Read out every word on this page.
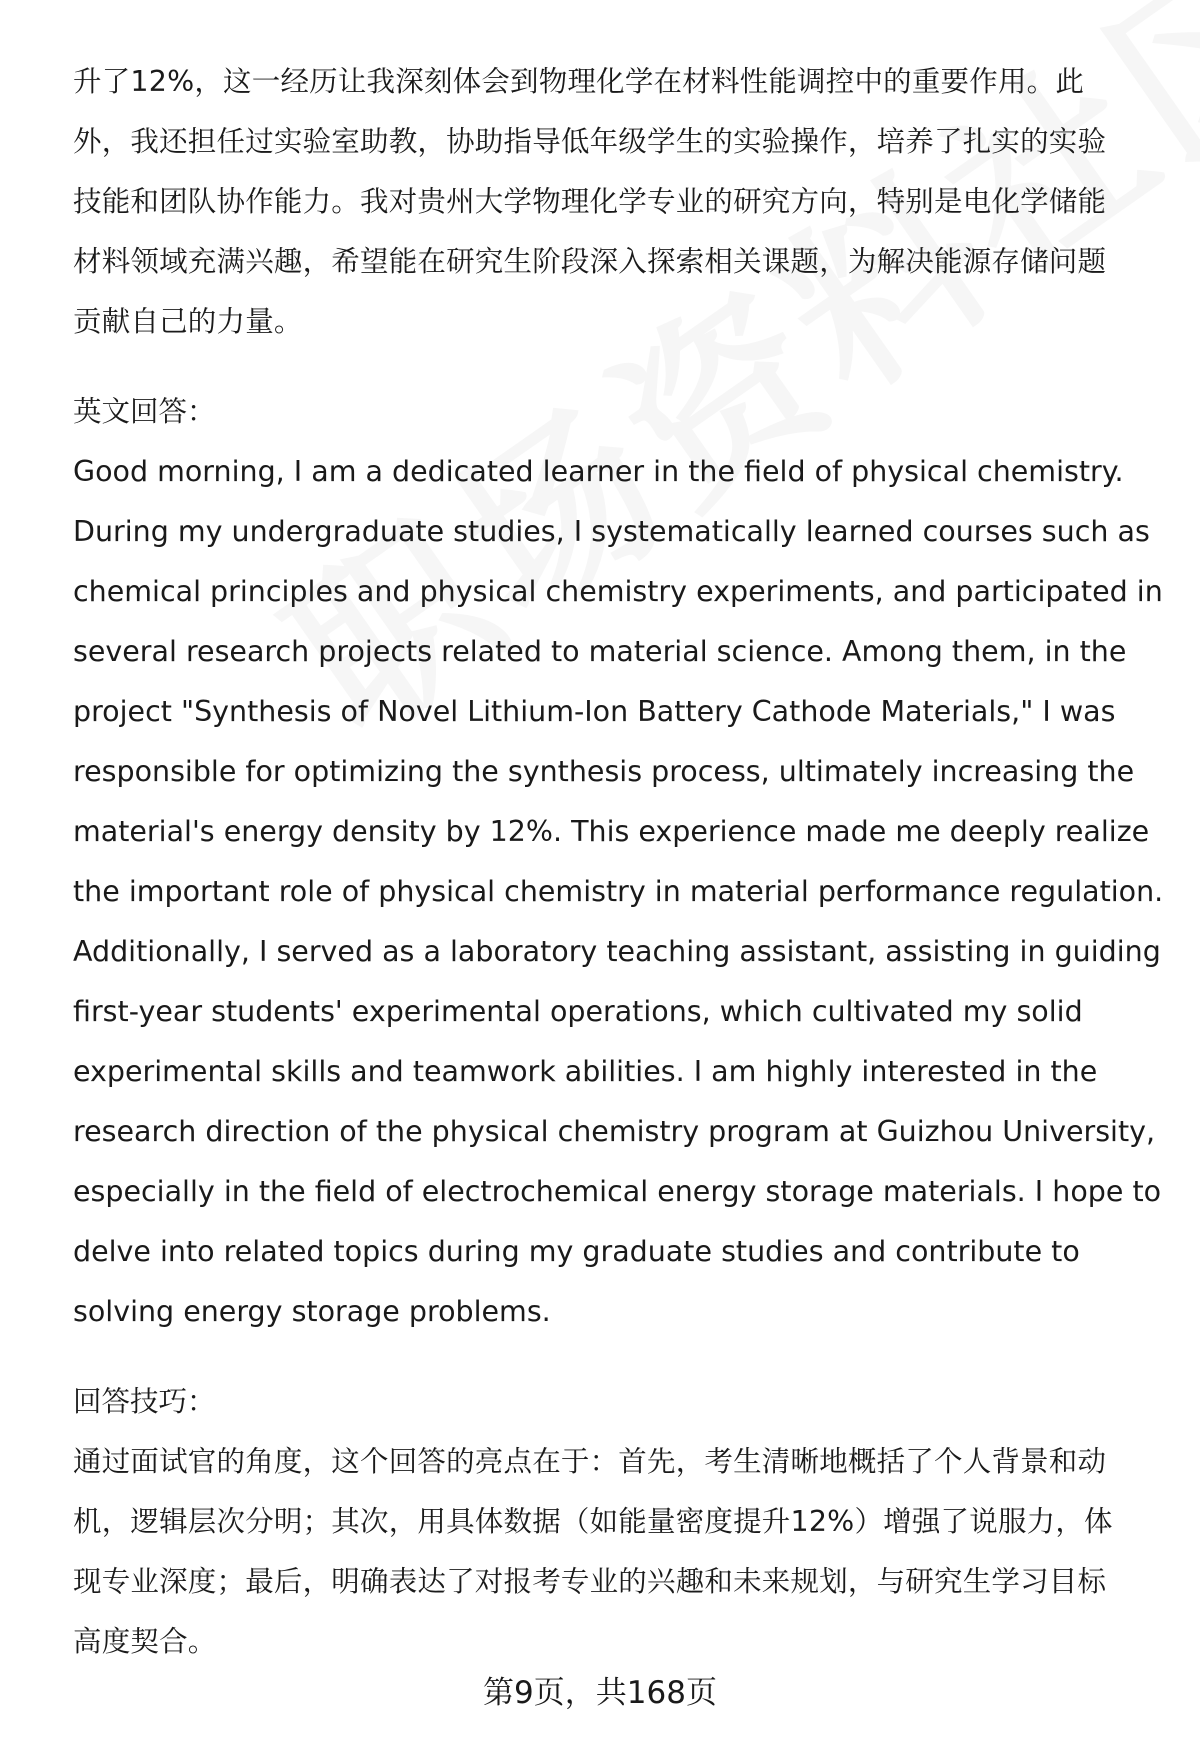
升了12%，这一经历让我深刻体会到物理化学在材料性能调控中的重要作用。此
外，我还担任过实验室助教，协助指导低年级学生的实验操作，培养了扎实的实验
技能和团队协作能力。我对贵州大学物理化学专业的研究方向，特别是电化学储能
材料领域充满兴趣，希望能在研究生阶段深入探索相关课题，为解决能源存储问题
贡献自己的力量。

英文回答：

Good morning, I am a dedicated learner in the field of physical chemistry.
During my undergraduate studies, I systematically learned courses such as
chemical principles and physical chemistry experiments, and participated in
several research projects related to material science. Among them, in the
project "Synthesis of Novel Lithium-Ion Battery Cathode Materials," I was
responsible for optimizing the synthesis process, ultimately increasing the
material's energy density by 12%. This experience made me deeply realize
the important role of physical chemistry in material performance regulation.
Additionally, I served as a laboratory teaching assistant, assisting in guiding
first-year students' experimental operations, which cultivated my solid
experimental skills and teamwork abilities. I am highly interested in the
research direction of the physical chemistry program at Guizhou University,
especially in the field of electrochemical energy storage materials. I hope to
delve into related topics during my graduate studies and contribute to
solving energy storage problems.

回答技巧：

通过面试官的角度，这个回答的亮点在于：首先，考生清晰地概括了个人背景和动
机，逻辑层次分明；其次，用具体数据（如能量密度提升12%）增强了说服力，体
现专业深度；最后，明确表达了对报考专业的兴趣和未来规划，与研究生学习目标
高度契合。

第9页，共168页
